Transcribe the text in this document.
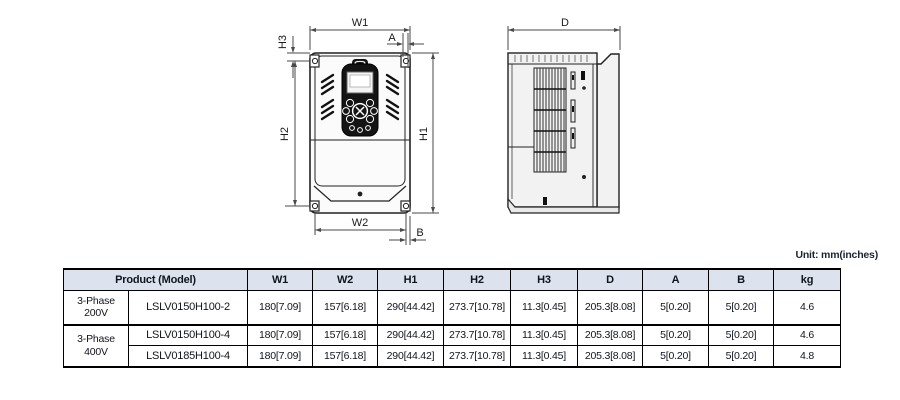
W1
A
H3
H2	H1
W2
B
D
Unit: mm(inches)
Product (Model)		W1	W2	H1	H2	H3	D	A	B	kg

3-Phase
200V	LSLV0150H100-2	180[7.09]	157[6.18]	290[44.42]	273.7[10.78]	11.3[0.45]	205.3[8.08]	5[0.20]	5[0.20]	4.6

3-Phase
400V	LSLV0150H100-4	180[7.09]	157[6.18]	290[44.42]	273.7[10.78]	11.3[0.45]	205.3[8.08]	5[0.20]	5[0.20]	4.6
	LSLV0185H100-4	180[7.09]	157[6.18]	290[44.42]	273.7[10.78]	11.3[0.45]	205.3[8.08]	5[0.20]	5[0.20]	4.8
